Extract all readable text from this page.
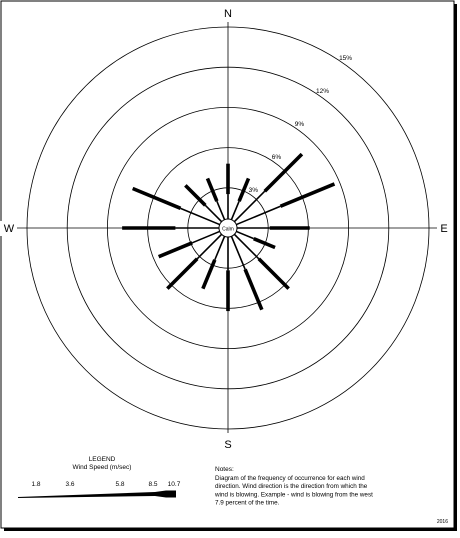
Calm
N
W	E
S
3%
6%
9%
12%
15%
LEGEND
Wind Speed (m/sec)
1.8	3.6	5.8	8.5 10.7
Notes:
Diagram of the frequency of occurrence for each wind
direction. Wind direction is the direction from which the
wind is blowing. Example - wind is blowing from the west
7.9 percent of the time.
2016
